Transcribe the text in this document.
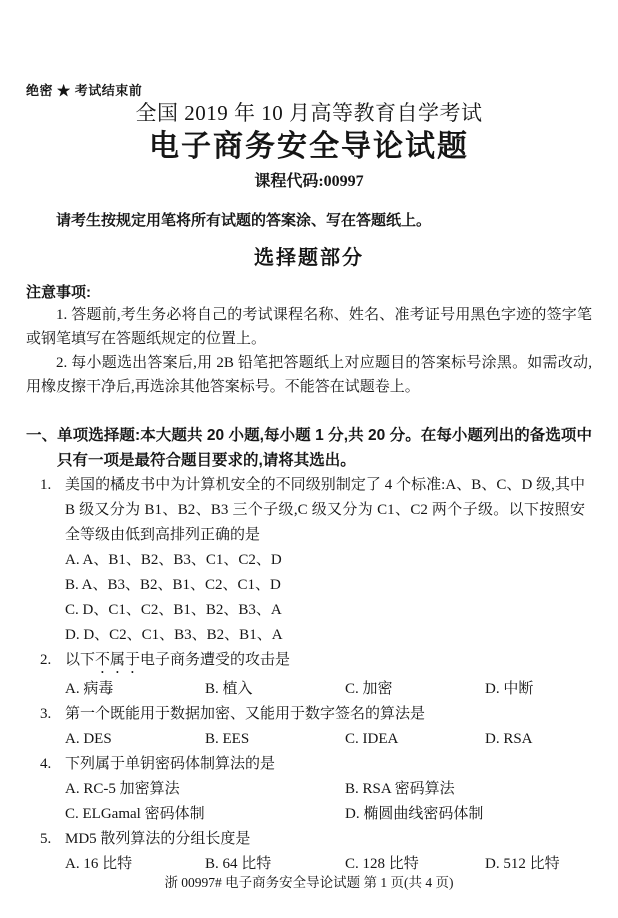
绝密 ★ 考试结束前
全国 2019 年 10 月高等教育自学考试
电子商务安全导论试题
课程代码:00997
请考生按规定用笔将所有试题的答案涂、写在答题纸上。
选择题部分
注意事项:
1. 答题前,考生务必将自己的考试课程名称、姓名、准考证号用黑色字迹的签字笔或钢笔填写在答题纸规定的位置上。
2. 每小题选出答案后,用 2B 铅笔把答题纸上对应题目的答案标号涂黑。如需改动,用橡皮擦干净后,再选涂其他答案标号。不能答在试题卷上。
一、单项选择题:本大题共 20 小题,每小题 1 分,共 20 分。在每小题列出的备选项中只有一项是最符合题目要求的,请将其选出。
1. 美国的橘皮书中为计算机安全的不同级别制定了 4 个标准:A、B、C、D 级,其中 B 级又分为 B1、B2、B3 三个子级,C 级又分为 C1、C2 两个子级。以下按照安全等级由低到高排列正确的是
A. A、B1、B2、B3、C1、C2、D
B. A、B3、B2、B1、C2、C1、D
C. D、C1、C2、B1、B2、B3、A
D. D、C2、C1、B3、B2、B1、A
2. 以下不属于电子商务遭受的攻击是
A. 病毒	B. 植入	C. 加密	D. 中断
3. 第一个既能用于数据加密、又能用于数字签名的算法是
A. DES	B. EES	C. IDEA	D. RSA
4. 下列属于单钥密码体制算法的是
A. RC-5 加密算法	B. RSA 密码算法
C. ELGamal 密码体制	D. 椭圆曲线密码体制
5. MD5 散列算法的分组长度是
A. 16 比特	B. 64 比特	C. 128 比特	D. 512 比特
浙 00997# 电子商务安全导论试题 第 1 页(共 4 页)
